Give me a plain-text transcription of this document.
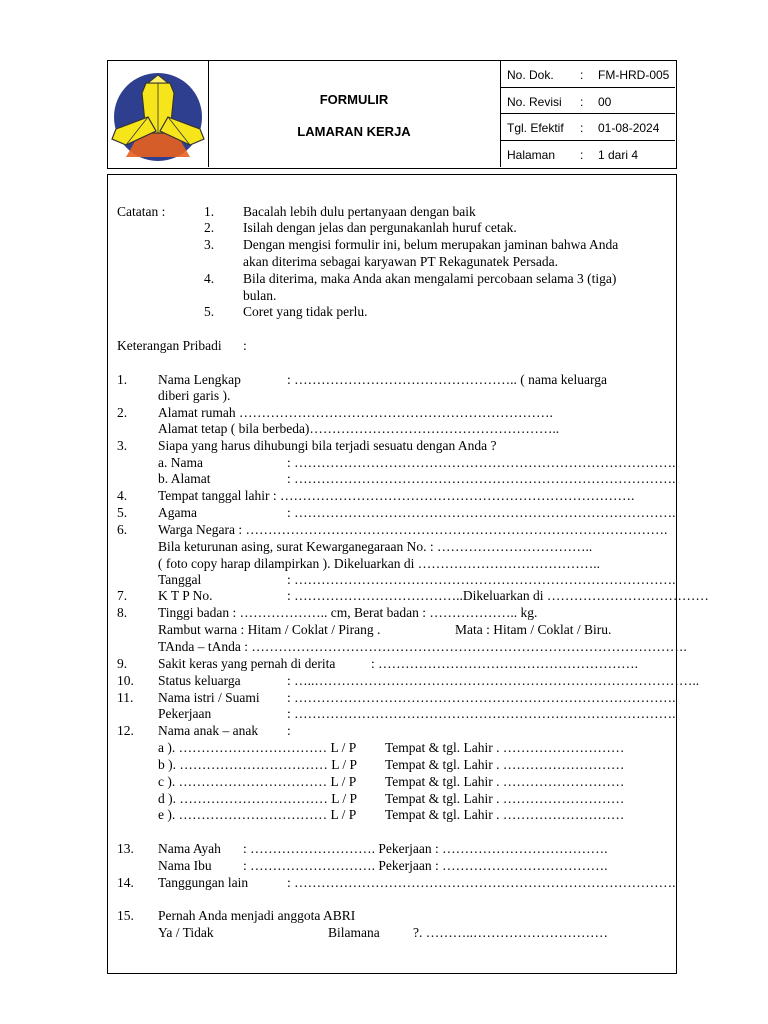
FORMULIR
LAMARAN KERJA
No. Dok. : FM-HRD-005
No. Revisi : 00
Tgl. Efektif : 01-08-2024
Halaman : 1 dari 4
Catatan :	1. Bacalah lebih dulu pertanyaan dengan baik
2. Isilah dengan jelas dan pergunakanlah huruf cetak.
3. Dengan mengisi formulir ini, belum merupakan jaminan bahwa Anda
akan diterima sebagai karyawan PT Rekagunatek Persada.
4. Bila diterima, maka Anda akan mengalami percobaan selama 3 (tiga)
bulan.
5. Coret yang tidak perlu.
Keterangan Pribadi :
1. Nama Lengkap	: ………………………………………….. ( nama keluarga
diberi garis ).
2. Alamat rumah …………………………………………………………….
Alamat tetap ( bila berbeda)………………………………………………..
3. Siapa yang harus dihubungi bila terjadi sesuatu dengan Anda ?
a. Nama	: ………………………………………………………………………….
b. Alamat	: ………………………………………………………………………….
4. Tempat tanggal lahir : …………………………………………………………………….
5. Agama	: ………………………………………………………………………….
6. Warga Negara : ………………………………………………………………………………….
Bila keturunan asing, surat Kewarganegaraan No. : ……………………………..
( foto copy harap dilampirkan ). Dikeluarkan di …………………………………..
Tanggal	: ………………………………………………………………………….
7. K T P No.	: ………………………………..Dikeluarkan di ………………………………
8. Tinggi badan : ……………….. cm, Berat badan : ……………….. kg.
Rambut warna : Hitam / Coklat / Pirang .	Mata : Hitam / Coklat / Biru.
TAnda – tAnda : …………………………………………………………………………………….
9. Sakit keras yang pernah di derita	: ………………………………………………….
10. Status keluarga	: …..…………………………………………………………………………..
11. Nama istri / Suami : ………………………………………………………………………….
Pekerjaan	: ………………………………………………………………………….
12. Nama anak – anak :
a ). …………………………… L / P Tempat & tgl. Lahir . ………………………
b ). …………………………… L / P Tempat & tgl. Lahir . ………………………
c ). …………………………… L / P Tempat & tgl. Lahir . ………………………
d ). …………………………… L / P Tempat & tgl. Lahir . ………………………
e ). …………………………… L / P Tempat & tgl. Lahir . ………………………
13. Nama Ayah : ………………………. Pekerjaan : ……………………………….
Nama Ibu : ………………………. Pekerjaan : ……………………………….
14. Tanggungan lain	: ………………………………………………………………………….
15. Pernah Anda menjadi anggota ABRI
Ya / Tidak	Bilamana ?. ………..…………………………
